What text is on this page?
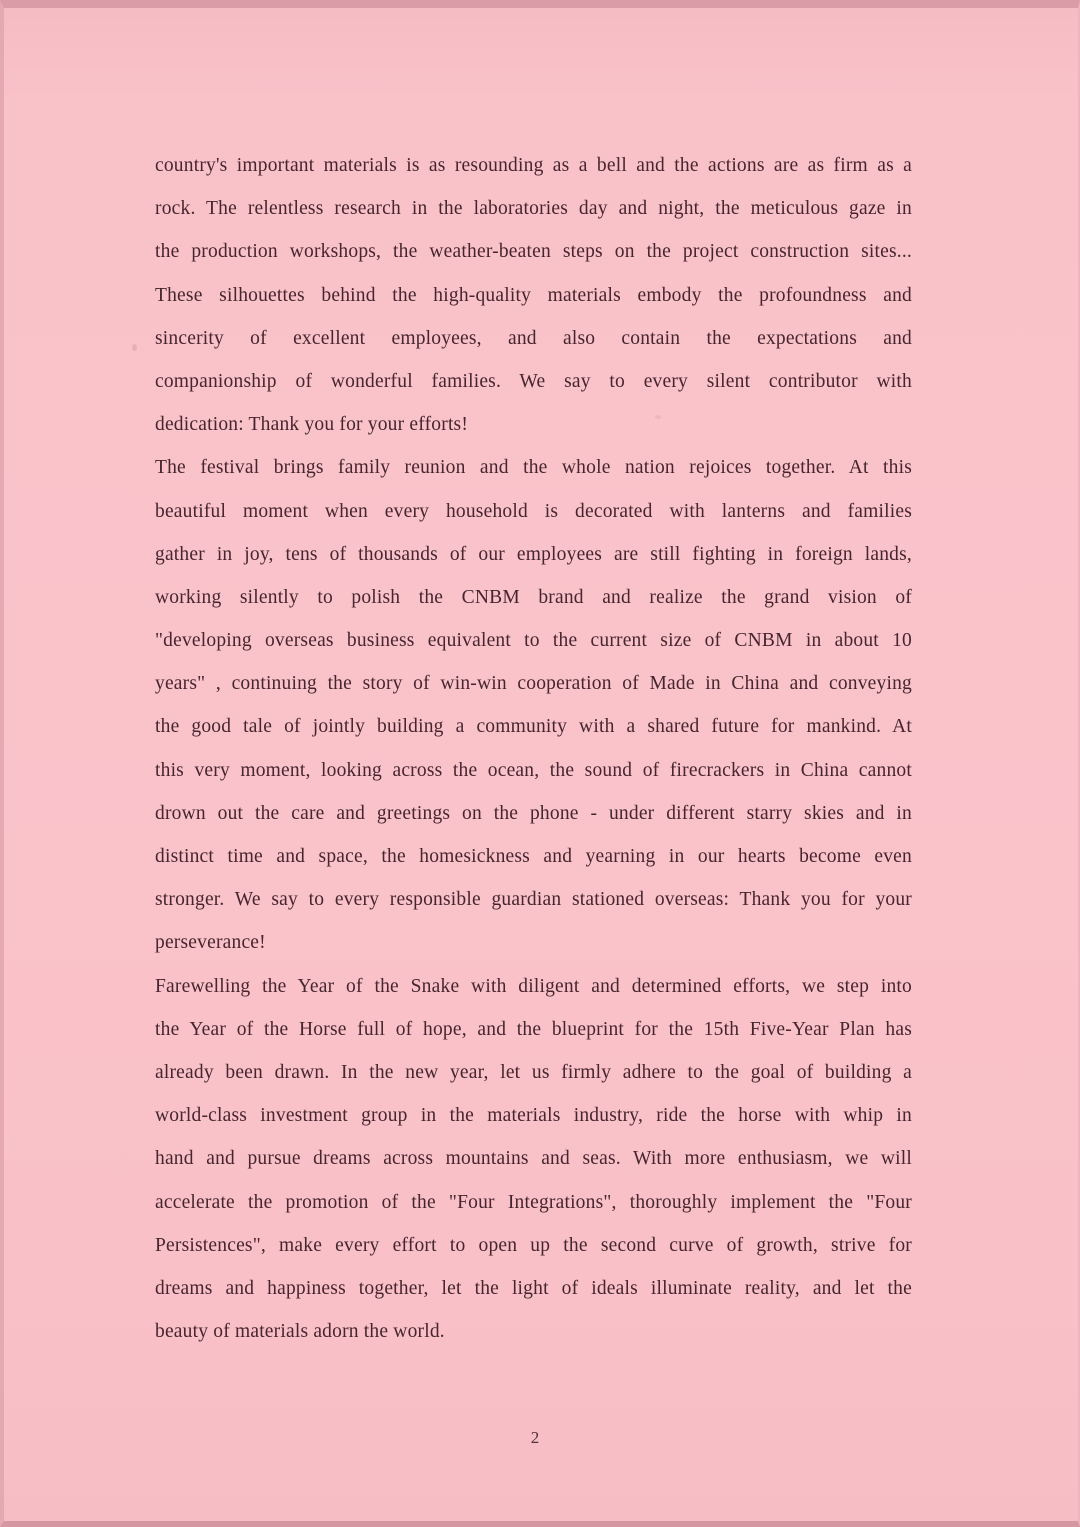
country's important materials is as resounding as a bell and the actions are as firm as a
rock. The relentless research in the laboratories day and night, the meticulous gaze in
the production workshops, the weather-beaten steps on the project construction sites...
These silhouettes behind the high-quality materials embody the profoundness and
sincerity of excellent employees, and also contain the expectations and
companionship of wonderful families. We say to every silent contributor with
dedication: Thank you for your efforts!
The festival brings family reunion and the whole nation rejoices together. At this
beautiful moment when every household is decorated with lanterns and families
gather in joy, tens of thousands of our employees are still fighting in foreign lands,
working silently to polish the CNBM brand and realize the grand vision of
"developing overseas business equivalent to the current size of CNBM in about 10
years" , continuing the story of win-win cooperation of Made in China and conveying
the good tale of jointly building a community with a shared future for mankind. At
this very moment, looking across the ocean, the sound of firecrackers in China cannot
drown out the care and greetings on the phone - under different starry skies and in
distinct time and space, the homesickness and yearning in our hearts become even
stronger. We say to every responsible guardian stationed overseas: Thank you for your
perseverance!
Farewelling the Year of the Snake with diligent and determined efforts, we step into
the Year of the Horse full of hope, and the blueprint for the 15th Five-Year Plan has
already been drawn. In the new year, let us firmly adhere to the goal of building a
world-class investment group in the materials industry, ride the horse with whip in
hand and pursue dreams across mountains and seas. With more enthusiasm, we will
accelerate the promotion of the "Four Integrations", thoroughly implement the "Four
Persistences", make every effort to open up the second curve of growth, strive for
dreams and happiness together, let the light of ideals illuminate reality, and let the
beauty of materials adorn the world.
2
